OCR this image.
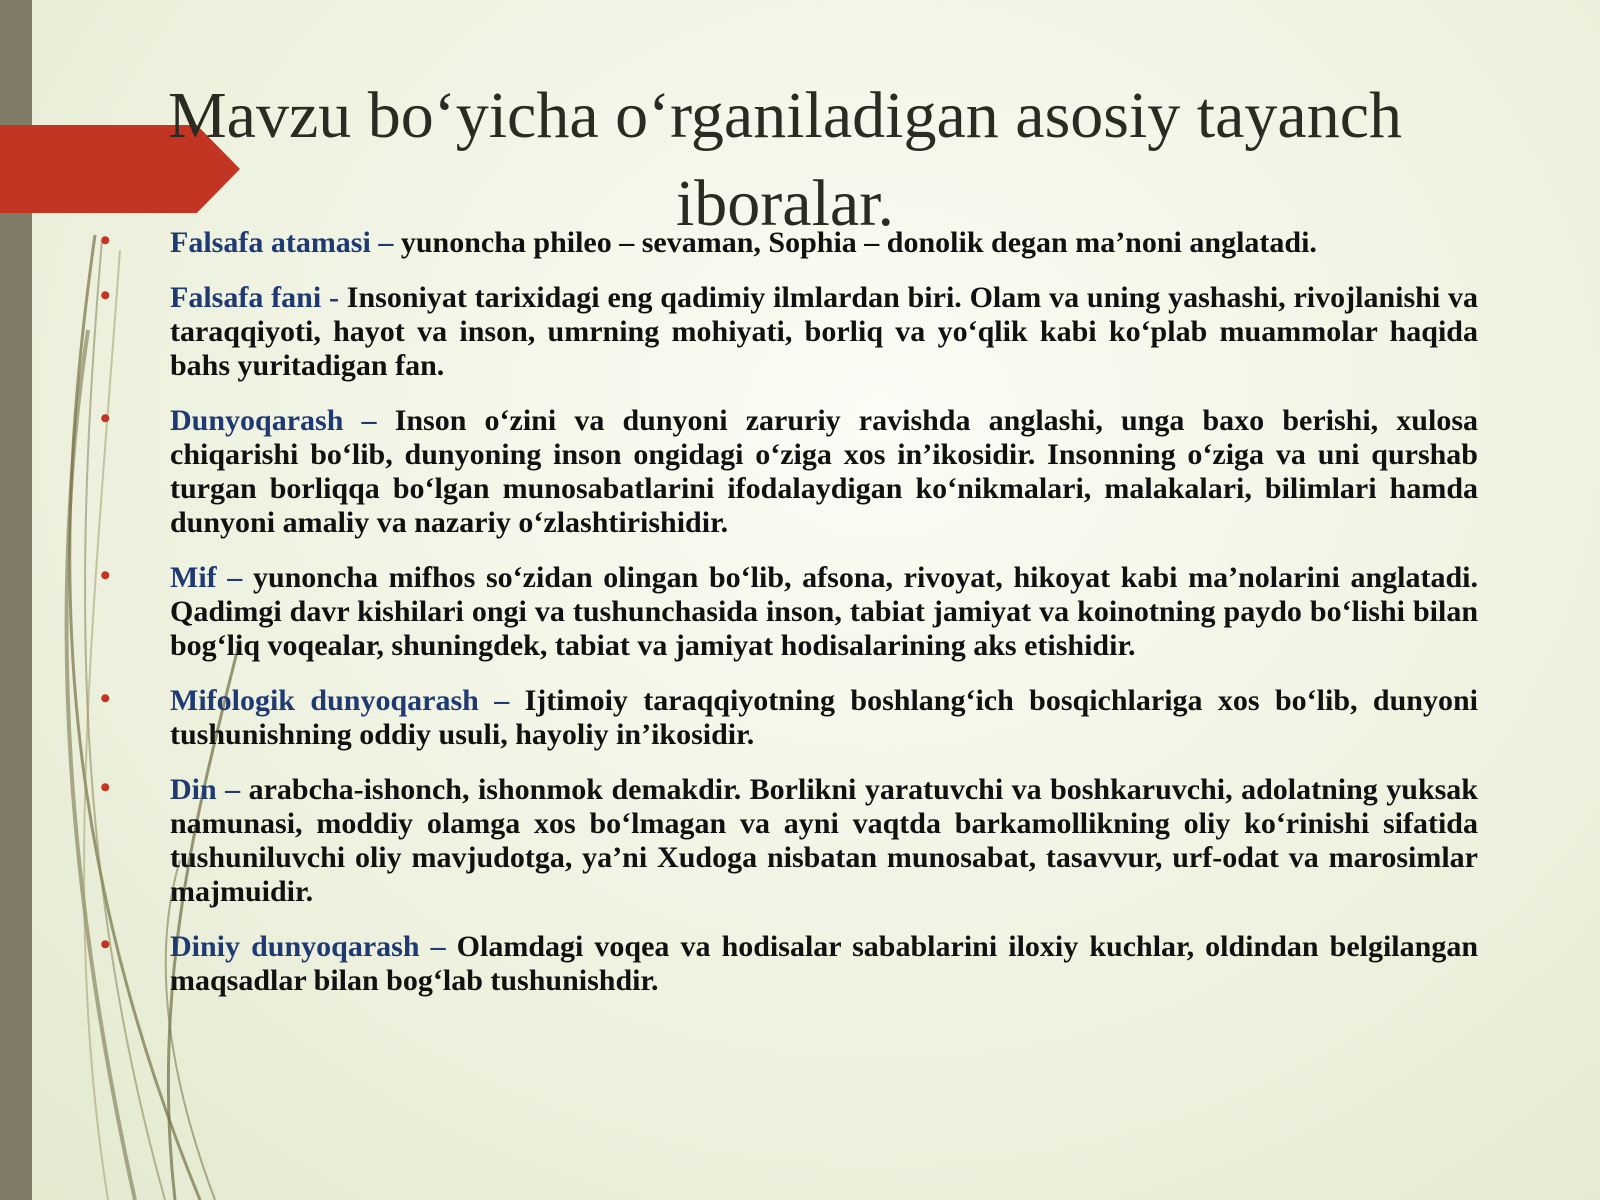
Mavzu bo‘yicha o‘rganiladigan asosiy tayanch iboralar.
• Falsafa atamasi – yunoncha phileo – sevaman, Sophia – donolik degan ma’noni anglatadi.
• Falsafa fani - Insoniyat tarixidagi eng qadimiy ilmlardan biri. Olam va uning yashashi, rivojlanishi va taraqqiyoti, hayot va inson, umrning mohiyati, borliq va yo‘qlik kabi ko‘plab muammolar haqida bahs yuritadigan fan.
• Dunyoqarash – Inson o‘zini va dunyoni zaruriy ravishda anglashi, unga baxo berishi, xulosa chiqarishi bo‘lib, dunyoning inson ongidagi o‘ziga xos in’ikosidir. Insonning o‘ziga va uni qurshab turgan borliqqa bo‘lgan munosabatlarini ifodalaydigan ko‘nikmalari, malakalari, bilimlari hamda dunyoni amaliy va nazariy o‘zlashtirishidir.
• Mif – yunoncha mifhos so‘zidan olingan bo‘lib, afsona, rivoyat, hikoyat kabi ma’nolarini anglatadi. Qadimgi davr kishilari ongi va tushunchasida inson, tabiat jamiyat va koinotning paydo bo‘lishi bilan bog‘liq voqealar, shuningdek, tabiat va jamiyat hodisalarining aks etishidir.
• Mifologik dunyoqarash – Ijtimoiy taraqqiyotning boshlang‘ich bosqichlariga xos bo‘lib, dunyoni tushunishning oddiy usuli, hayoliy in’ikosidir.
• Din – arabcha-ishonch, ishonmok demakdir. Borlikni yaratuvchi va boshkaruvchi, adolatning yuksak namunasi, moddiy olamga xos bo‘lmagan va ayni vaqtda barkamollikning oliy ko‘rinishi sifatida tushuniluvchi oliy mavjudotga, ya’ni Xudoga nisbatan munosabat, tasavvur, urf-odat va marosimlar majmuidir.
• Diniy dunyoqarash – Olamdagi voqea va hodisalar sabablarini iloxiy kuchlar, oldindan belgilangan maqsadlar bilan bog‘lab tushunishdir.
